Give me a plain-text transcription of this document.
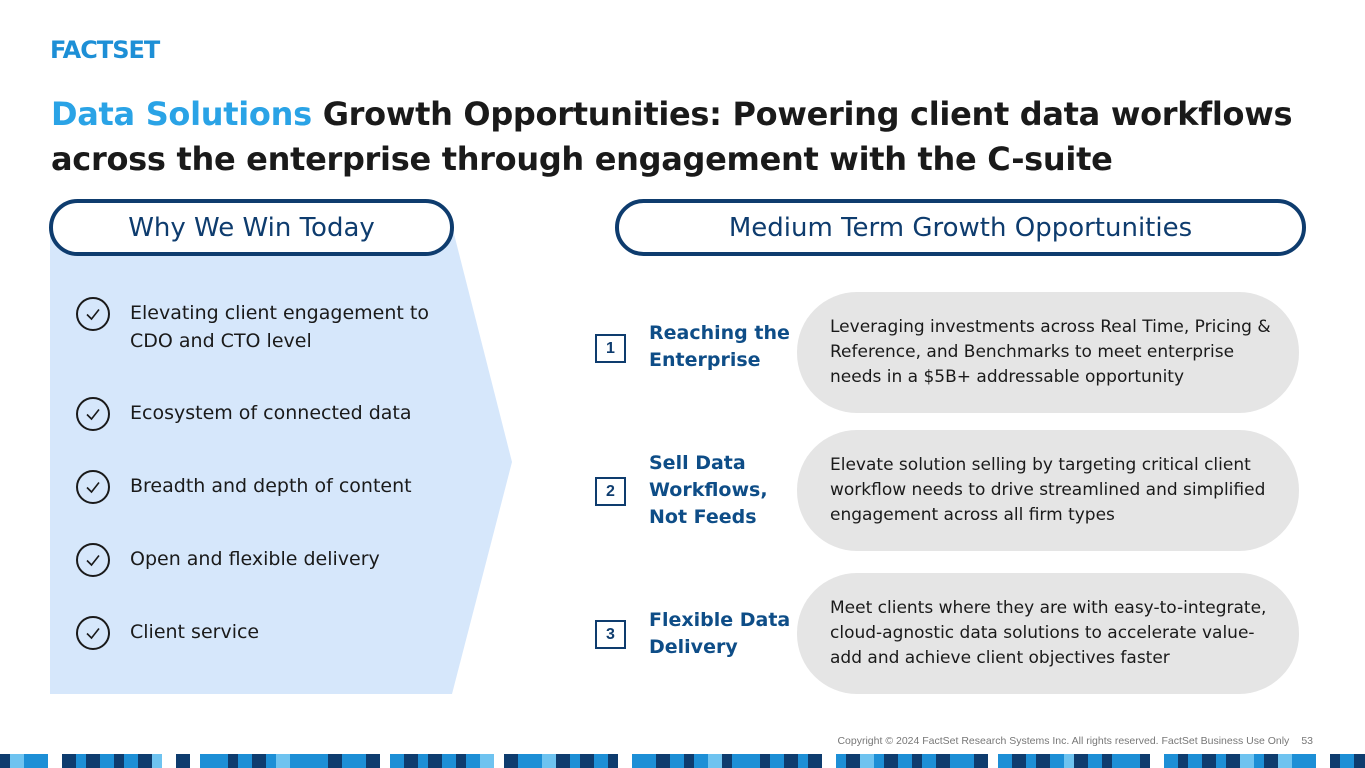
FACTSET
Data Solutions Growth Opportunities: Powering client data workflows across the enterprise through engagement with the C-suite
Why We Win Today	Medium Term Growth Opportunities
Elevating client engagement to CDO and CTO level
Ecosystem of connected data
Breadth and depth of content
Open and flexible delivery
Client service
1
Reaching the Enterprise
Leveraging investments across Real Time, Pricing & Reference, and Benchmarks to meet enterprise needs in a $5B+ addressable opportunity
2
Sell Data Workflows, Not Feeds
Elevate solution selling by targeting critical client workflow needs to drive streamlined and simplified engagement across all firm types
3
Flexible Data Delivery
Meet clients where they are with easy-to-integrate, cloud-agnostic data solutions to accelerate value-add and achieve client objectives faster
Copyright © 2024 FactSet Research Systems Inc. All rights reserved. FactSet Business Use Only 53
